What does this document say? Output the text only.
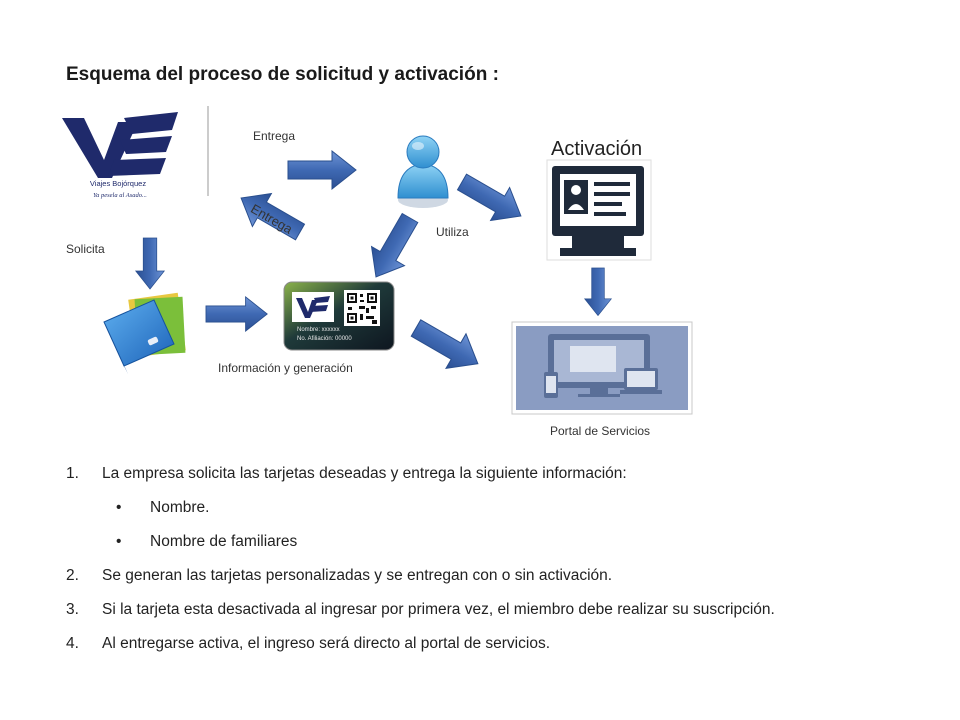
Esquema del proceso de solicitud y activación :
Viajes Bojórquez
Ya pesela al Asado...
Entrega
Entrega	Utiliza
Solicita
Activación
Información y generación
Portal de Servicios
Nombre: xxxxxx
No. Afiliación: 00000
1. La empresa solicita las tarjetas deseadas y entrega la siguiente información:
• Nombre.
• Nombre de familiares
2. Se generan las tarjetas personalizadas y se entregan con o sin activación.
3. Si la tarjeta esta desactivada al ingresar por primera vez, el miembro debe realizar su suscripción.
4. Al entregarse activa, el ingreso será directo al portal de servicios.
